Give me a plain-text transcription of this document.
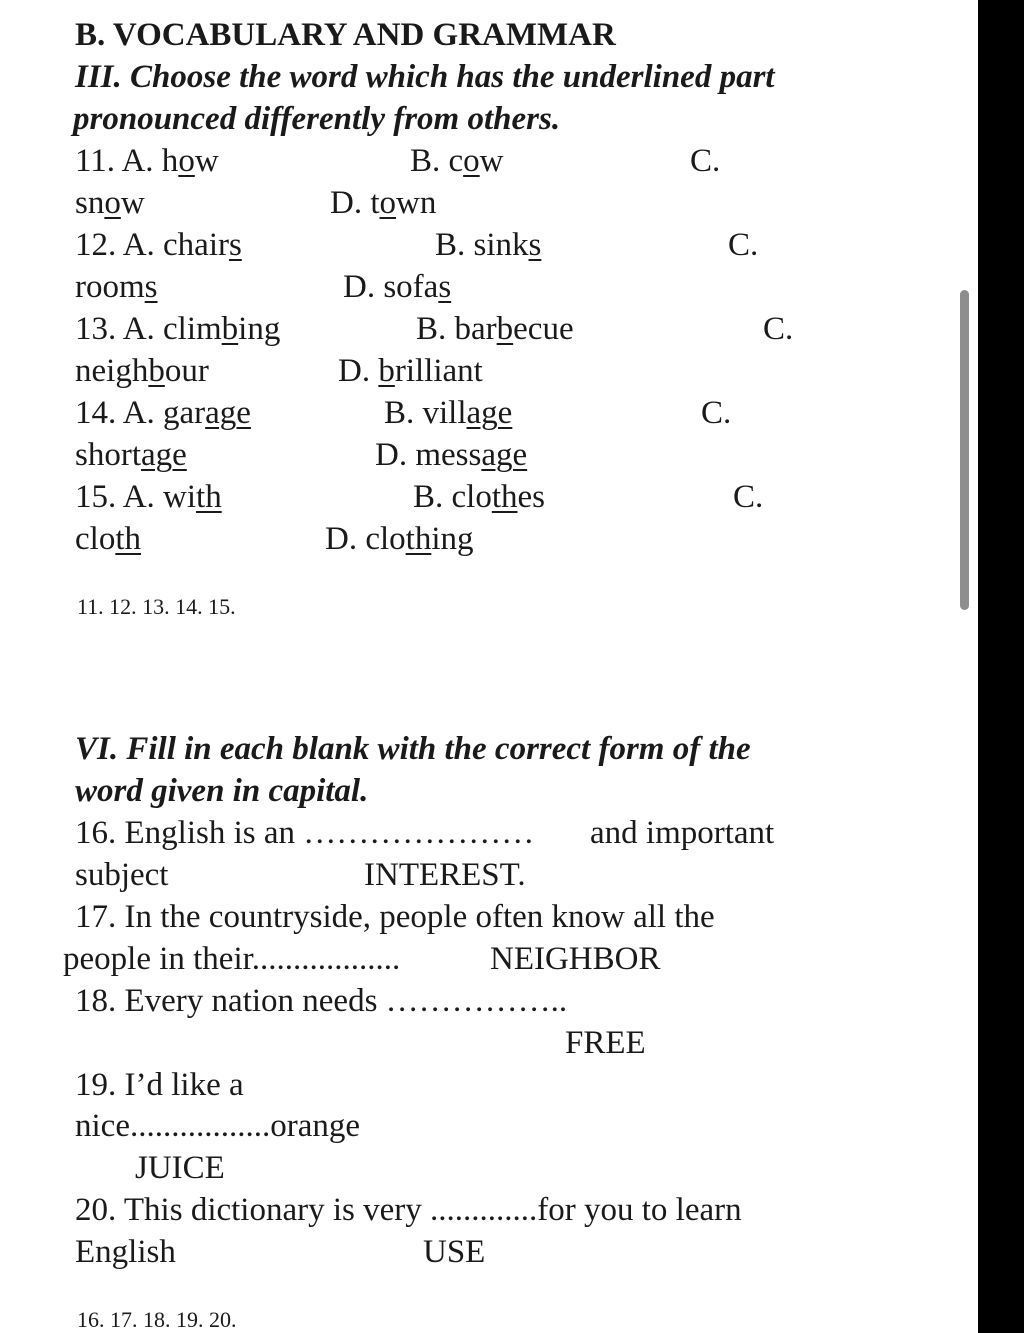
B. VOCABULARY AND GRAMMAR
III. Choose the word which has the underlined part
pronounced differently from others.
11. A. how	B. cow	C.
snow	D. town
12. A. chairs	B. sinks	C.
rooms	D. sofas
13. A. climbing	B. barbecue	C.
neighbour	D. brilliant
14. A. garage	B. village	C.
shortage	D. message
15. A. with	B. clothes	C.
cloth	D. clothing
11. 12. 13. 14. 15.
VI. Fill in each blank with the correct form of the
word given in capital.
16. English is an ………………… and important
subject	INTEREST.
17. In the countryside, people often know all the
people in their..................	NEIGHBOR
18. Every nation needs ……………..
FREE
19. I’d like a
nice.................orange
JUICE
20. This dictionary is very .............for you to learn
English	USE
16. 17. 18. 19. 20.
